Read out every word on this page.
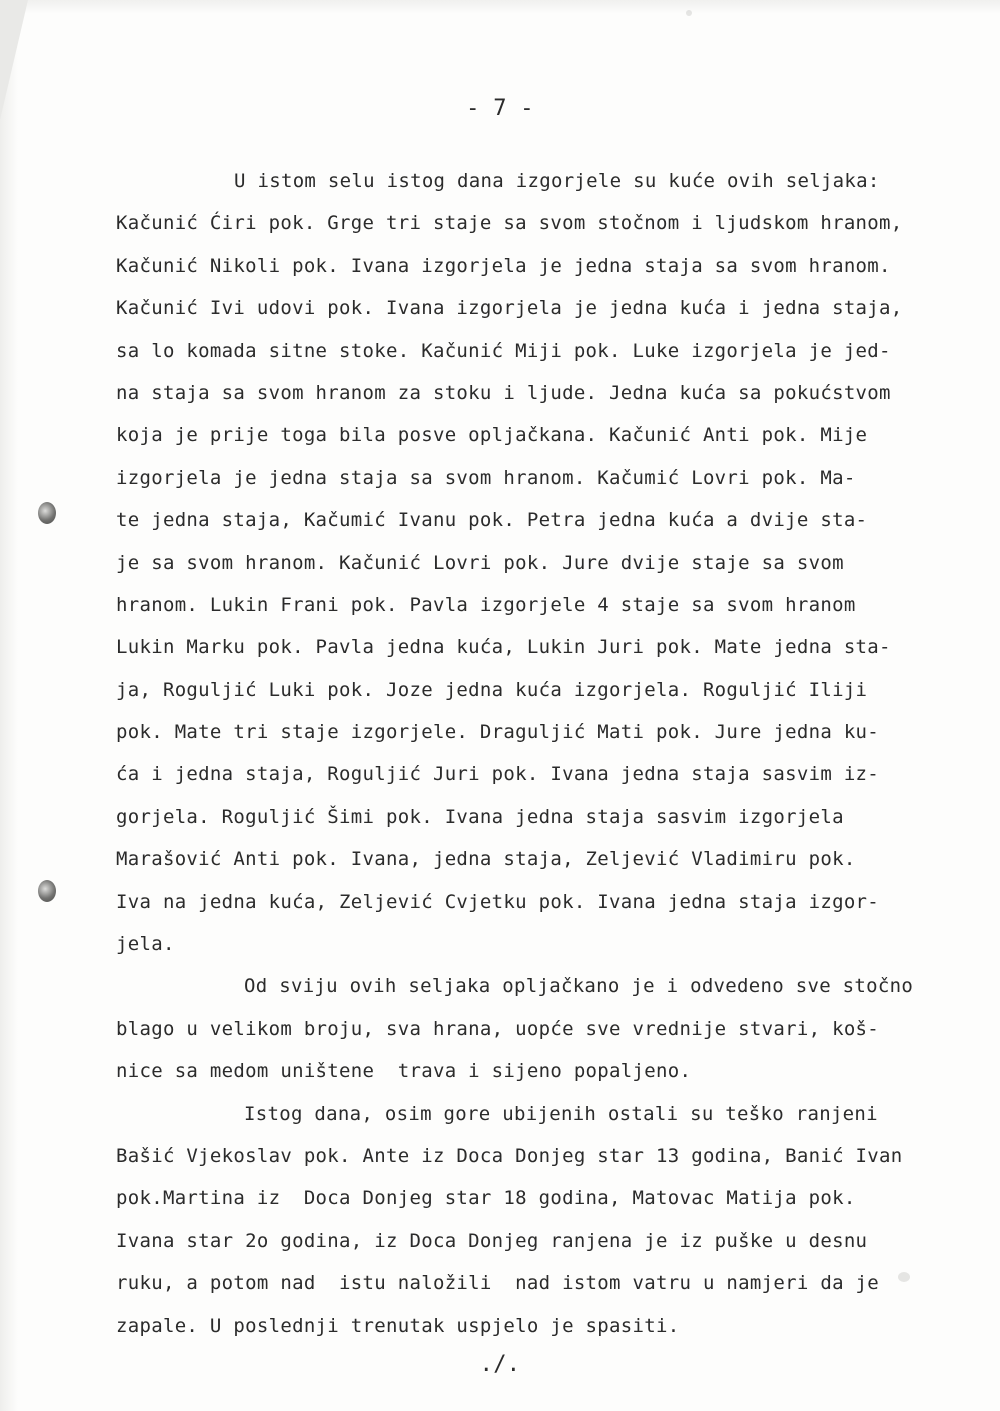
- 7 -
U istom selu istog dana izgorjele su kuće ovih seljaka:
Kačunić Ćiri pok. Grge tri staje sa svom stočnom i ljudskom hranom,
Kačunić Nikoli pok. Ivana izgorjela je jedna staja sa svom hranom.
Kačunić Ivi udovi pok. Ivana izgorjela je jedna kuća i jedna staja,
sa lo komada sitne stoke. Kačunić Miji pok. Luke izgorjela je jed-
na staja sa svom hranom za stoku i ljude. Jedna kuća sa pokućstvom
koja je prije toga bila posve opljačkana. Kačunić Anti pok. Mije
izgorjela je jedna staja sa svom hranom. Kačumić Lovri pok. Ma-
te jedna staja, Kačumić Ivanu pok. Petra jedna kuća a dvije sta-
je sa svom hranom. Kačunić Lovri pok. Jure dvije staje sa svom
hranom. Lukin Frani pok. Pavla izgorjele 4 staje sa svom hranom
Lukin Marku pok. Pavla jedna kuća, Lukin Juri pok. Mate jedna sta-
ja, Roguljić Luki pok. Joze jedna kuća izgorjela. Roguljić Iliji
pok. Mate tri staje izgorjele. Draguljić Mati pok. Jure jedna ku-
ća i jedna staja, Roguljić Juri pok. Ivana jedna staja sasvim iz-
gorjela. Roguljić Šimi pok. Ivana jedna staja sasvim izgorjela
Marašović Anti pok. Ivana, jedna staja, Zeljević Vladimiru pok.
Iva na jedna kuća, Zeljević Cvjetku pok. Ivana jedna staja izgor-
jela.
Od sviju ovih seljaka opljačkano je i odvedeno sve stočno
blago u velikom broju, sva hrana, uopće sve vrednije stvari, koš-
nice sa medom uništene  trava i sijeno popaljeno.
Istog dana, osim gore ubijenih ostali su teško ranjeni
Bašić Vjekoslav pok. Ante iz Doca Donjeg star 13 godina, Banić Ivan
pok.Martina iz  Doca Donjeg star 18 godina, Matovac Matija pok.
Ivana star 2o godina, iz Doca Donjeg ranjena je iz puške u desnu
ruku, a potom nad  istu naložili  nad istom vatru u namjeri da je
zapale. U poslednji trenutak uspjelo je spasiti.
./.
